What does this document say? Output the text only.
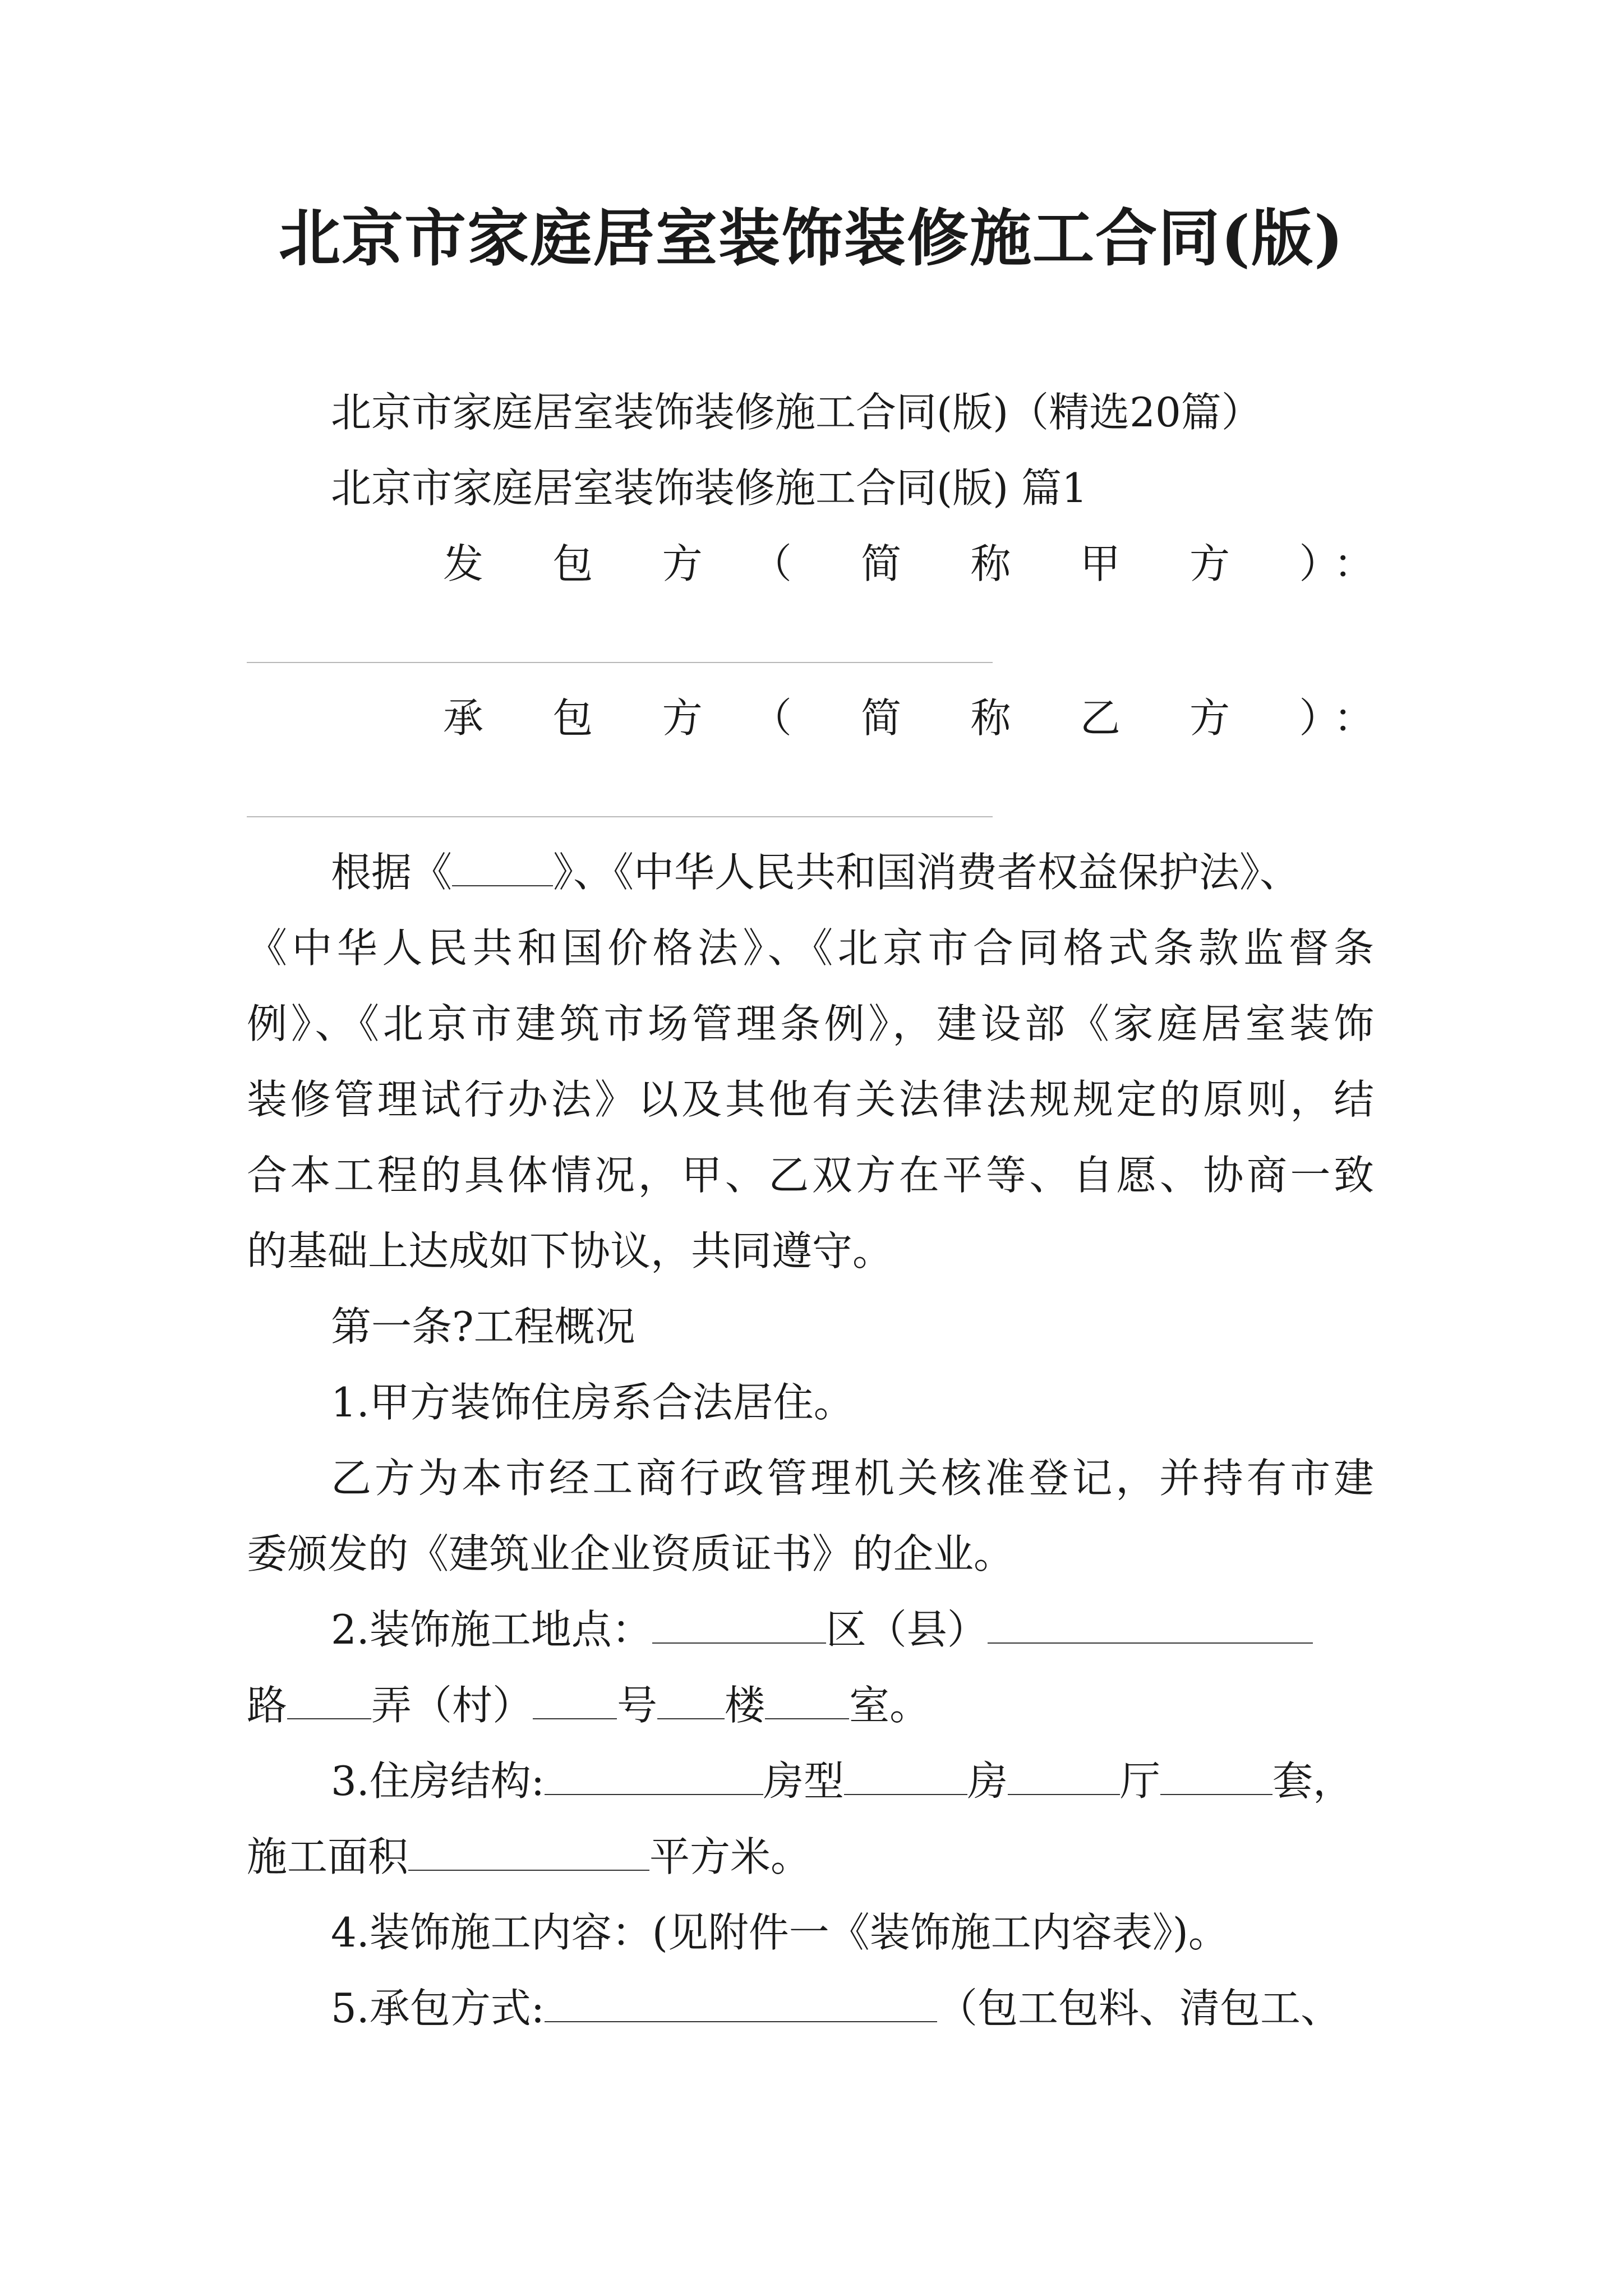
北京市家庭居室装饰装修施工合同(版)
北京市家庭居室装饰装修施工合同(版)（精选20篇）
北京市家庭居室装饰装修施工合同(版) 篇1
发　包　方　（　简　称　甲　方　）：
承　包　方　（　简　称　乙　方　）：
根据《	》、《中华人民共和国消费者权益保护法》、
《中华人民共和国价格法》、《北京市合同格式条款监督条
例》、《北京市建筑市场管理条例》，建设部《家庭居室装饰
装修管理试行办法》以及其他有关法律法规规定的原则，结
合本工程的具体情况，甲、乙双方在平等、自愿、协商一致
的基础上达成如下协议，共同遵守。
第一条?工程概况
1.甲方装饰住房系合法居住。
乙方为本市经工商行政管理机关核准登记，并持有市建
委颁发的《建筑业企业资质证书》的企业。
2.装饰施工地点：	区（县）
路 弄（村） 号 楼 室。
3.住房结构:	房型	房	厅	套，
施工面积	平方米。
4.装饰施工内容：(见附件一《装饰施工内容表》)。
5.承包方式:	（包工包料、清包工、
